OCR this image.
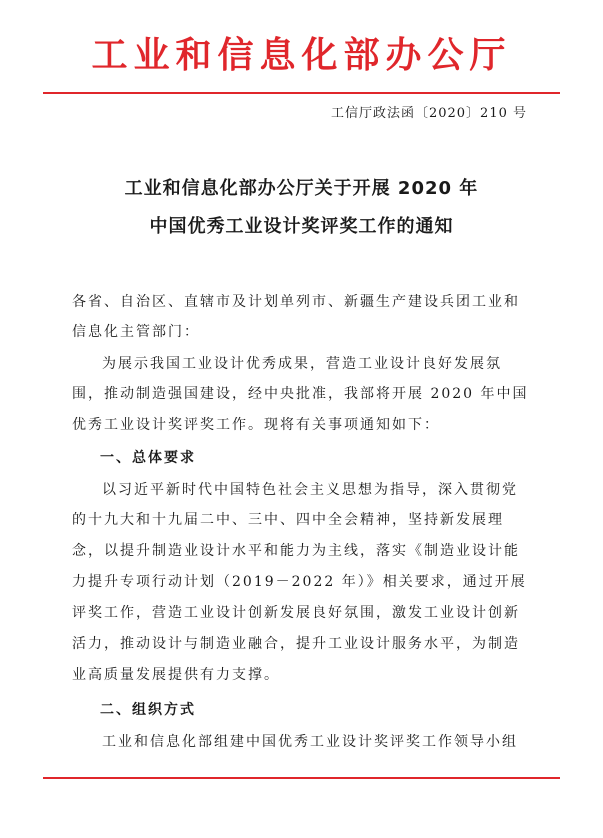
工业和信息化部办公厅
工信厅政法函〔2020〕210 号
工业和信息化部办公厅关于开展 2020 年
中国优秀工业设计奖评奖工作的通知
各省、自治区、直辖市及计划单列市、新疆生产建设兵团工业和
信息化主管部门：
为展示我国工业设计优秀成果，营造工业设计良好发展氛
围，推动制造强国建设，经中央批准，我部将开展 2020 年中国
优秀工业设计奖评奖工作。现将有关事项通知如下：
一、总体要求
以习近平新时代中国特色社会主义思想为指导，深入贯彻党
的十九大和十九届二中、三中、四中全会精神，坚持新发展理
念，以提升制造业设计水平和能力为主线，落实《制造业设计能
力提升专项行动计划（2019－2022 年）》相关要求，通过开展
评奖工作，营造工业设计创新发展良好氛围，激发工业设计创新
活力，推动设计与制造业融合，提升工业设计服务水平，为制造
业高质量发展提供有力支撑。
二、组织方式
工业和信息化部组建中国优秀工业设计奖评奖工作领导小组
